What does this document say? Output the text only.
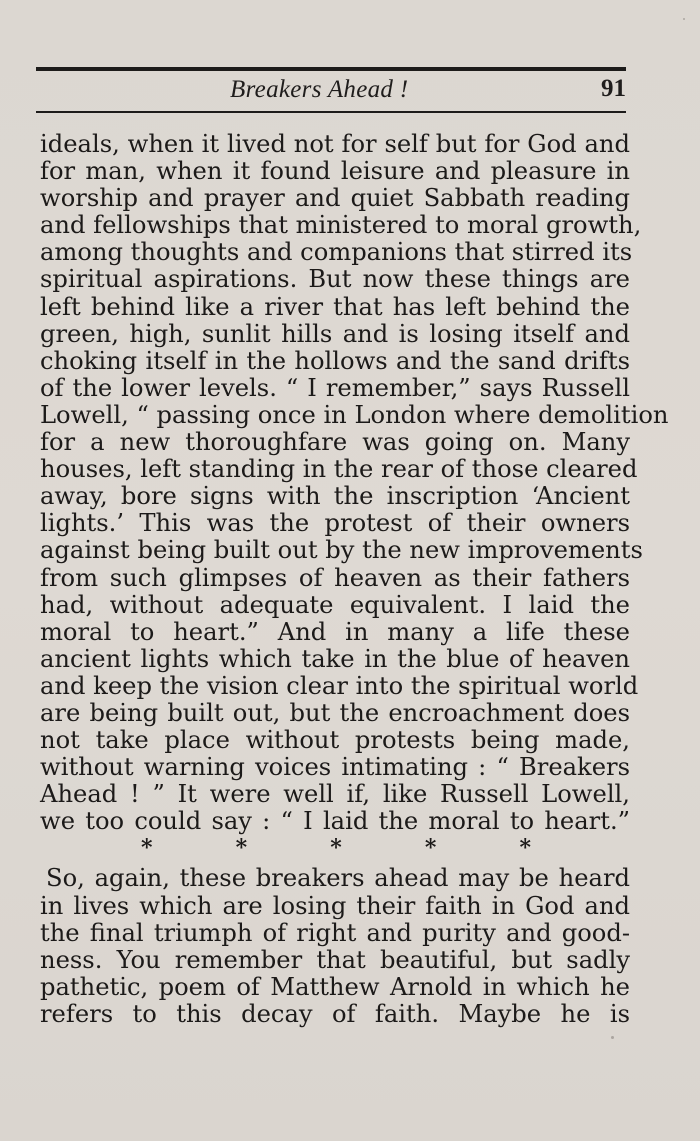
Breakers Ahead !	91
ideals, when it lived not for self but for God and
for man, when it found leisure and pleasure in
worship and prayer and quiet Sabbath reading
and fellowships that ministered to moral growth,
among thoughts and companions that stirred its
spiritual aspirations. But now these things are
left behind like a river that has left behind the
green, high, sunlit hills and is losing itself and
choking itself in the hollows and the sand drifts
of the lower levels. “ I remember,” says Russell
Lowell, “ passing once in London where demolition
for a new thoroughfare was going on. Many
houses, left standing in the rear of those cleared
away, bore signs with the inscription ‘Ancient
lights.’ This was the protest of their owners
against being built out by the new improvements
from such glimpses of heaven as their fathers
had, without adequate equivalent. I laid the
moral to heart.” And in many a life these
ancient lights which take in the blue of heaven
and keep the vision clear into the spiritual world
are being built out, but the encroachment does
not take place without protests being made,
without warning voices intimating : “ Breakers
Ahead ! ” It were well if, like Russell Lowell,
we too could say : “ I laid the moral to heart.”
*	*	*	*	*
So, again, these breakers ahead may be heard
in lives which are losing their faith in God and
the final triumph of right and purity and good-
ness. You remember that beautiful, but sadly
pathetic, poem of Matthew Arnold in which he
refers to this decay of faith. Maybe he is
